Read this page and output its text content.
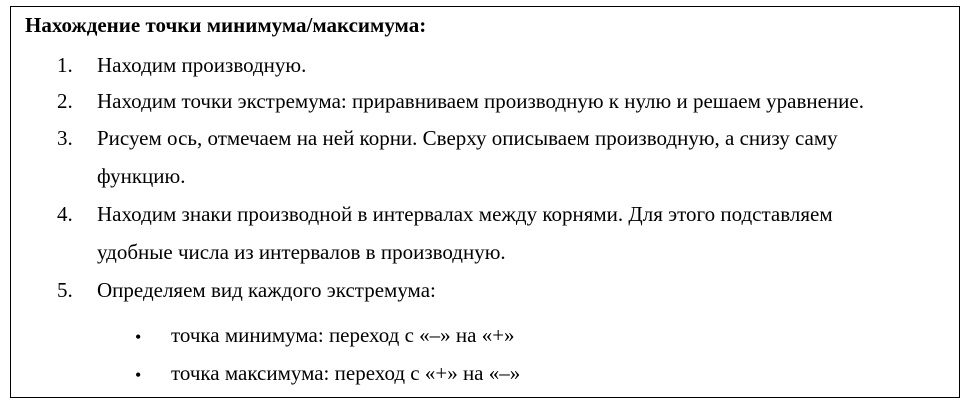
Нахождение точки минимума/максимума:
1. Находим производную.
2. Находим точки экстремума: приравниваем производную к нулю и решаем уравнение.
3. Рисуем ось, отмечаем на ней корни. Сверху описываем производную, а снизу саму
функцию.
4. Находим знаки производной в интервалах между корнями. Для этого подставляем
удобные числа из интервалов в производную.
5. Определяем вид каждого экстремума:
• точка минимума: переход с «–» на «+»
• точка максимума: переход с «+» на «–»
